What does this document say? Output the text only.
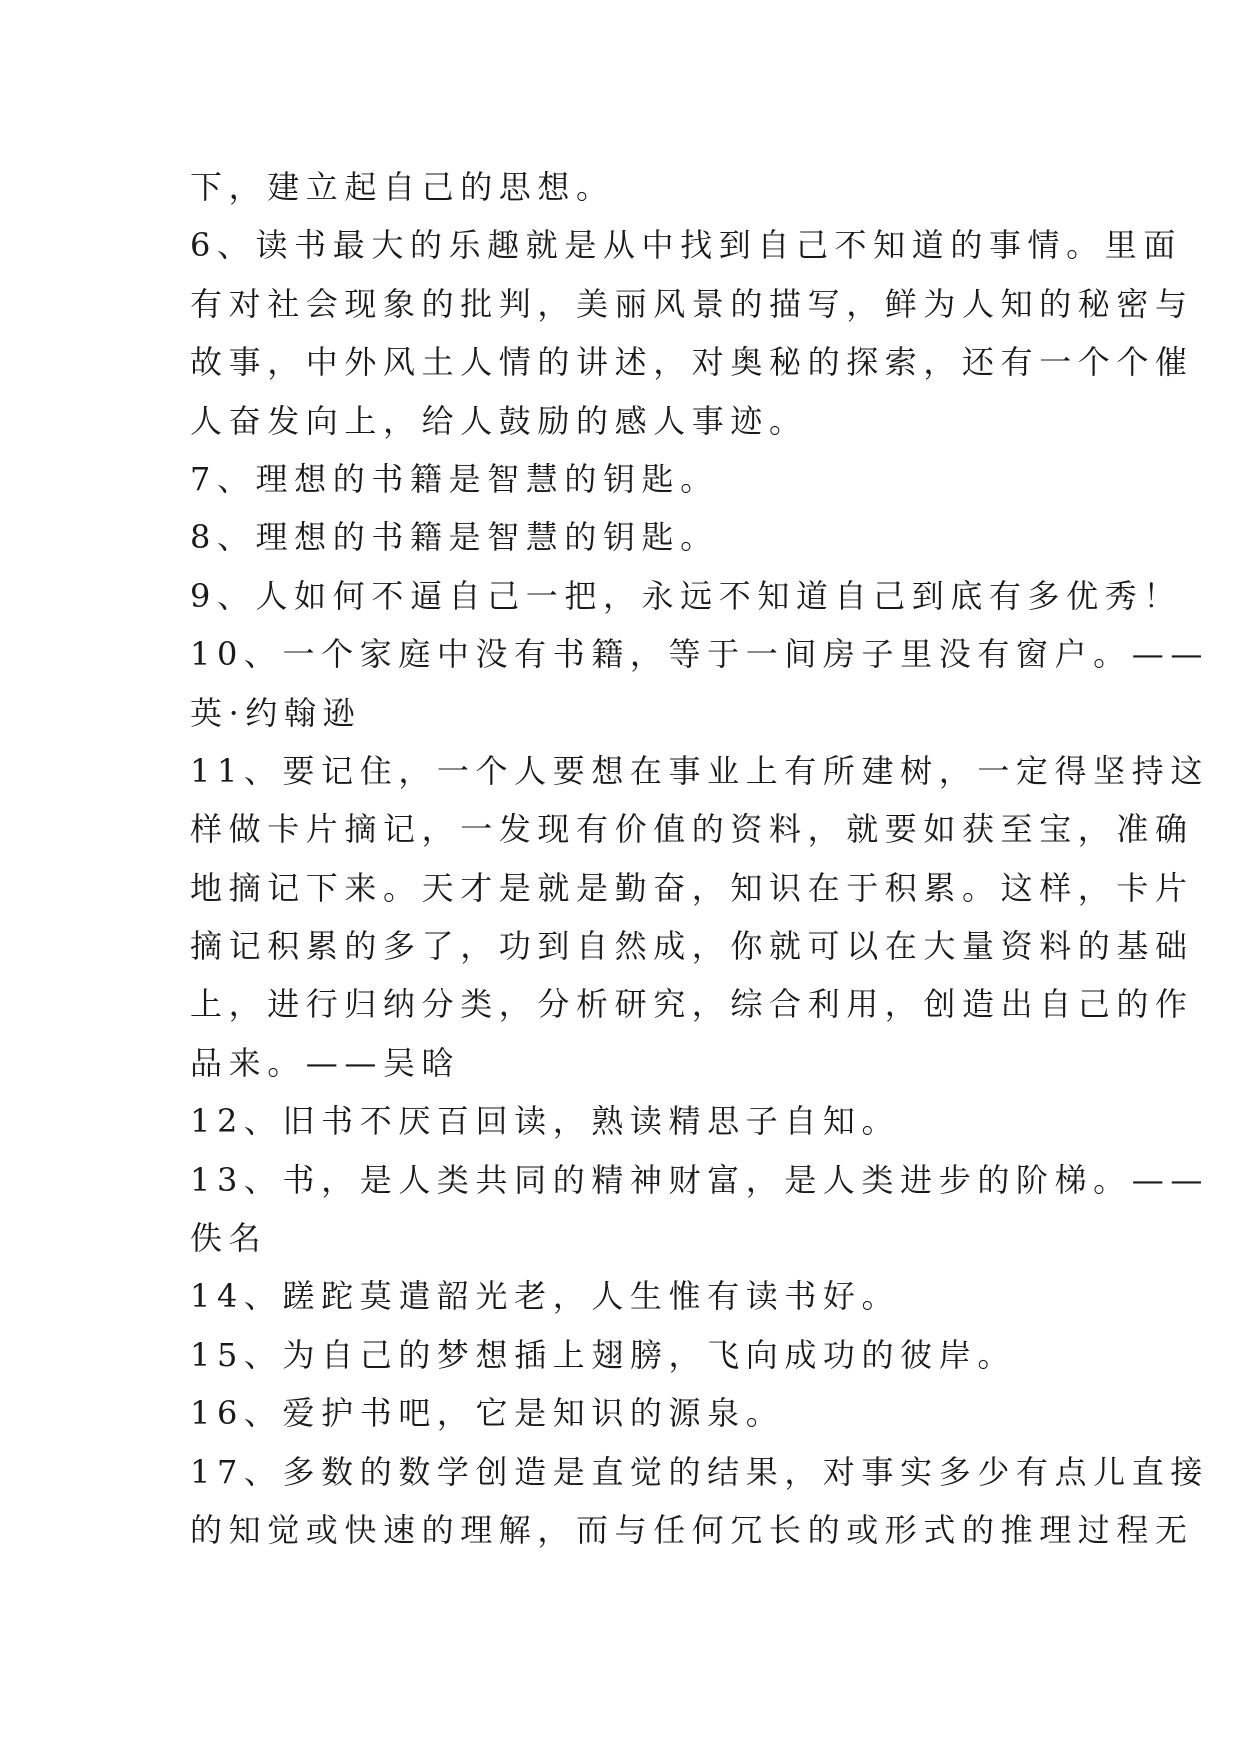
下，建立起自己的思想。
6、读书最大的乐趣就是从中找到自己不知道的事情。里面
有对社会现象的批判，美丽风景的描写，鲜为人知的秘密与
故事，中外风土人情的讲述，对奥秘的探索，还有一个个催
人奋发向上，给人鼓励的感人事迹。
7、理想的书籍是智慧的钥匙。
8、理想的书籍是智慧的钥匙。
9、人如何不逼自己一把，永远不知道自己到底有多优秀！
10、一个家庭中没有书籍，等于一间房子里没有窗户。——
英·约翰逊
11、要记住，一个人要想在事业上有所建树，一定得坚持这
样做卡片摘记，一发现有价值的资料，就要如获至宝，准确
地摘记下来。天才是就是勤奋，知识在于积累。这样，卡片
摘记积累的多了，功到自然成，你就可以在大量资料的基础
上，进行归纳分类，分析研究，综合利用，创造出自己的作
品来。——吴晗
12、旧书不厌百回读，熟读精思子自知。
13、书，是人类共同的精神财富，是人类进步的阶梯。——
佚名
14、蹉跎莫遣韶光老，人生惟有读书好。
15、为自己的梦想插上翅膀，飞向成功的彼岸。
16、爱护书吧，它是知识的源泉。
17、多数的数学创造是直觉的结果，对事实多少有点儿直接
的知觉或快速的理解，而与任何冗长的或形式的推理过程无
